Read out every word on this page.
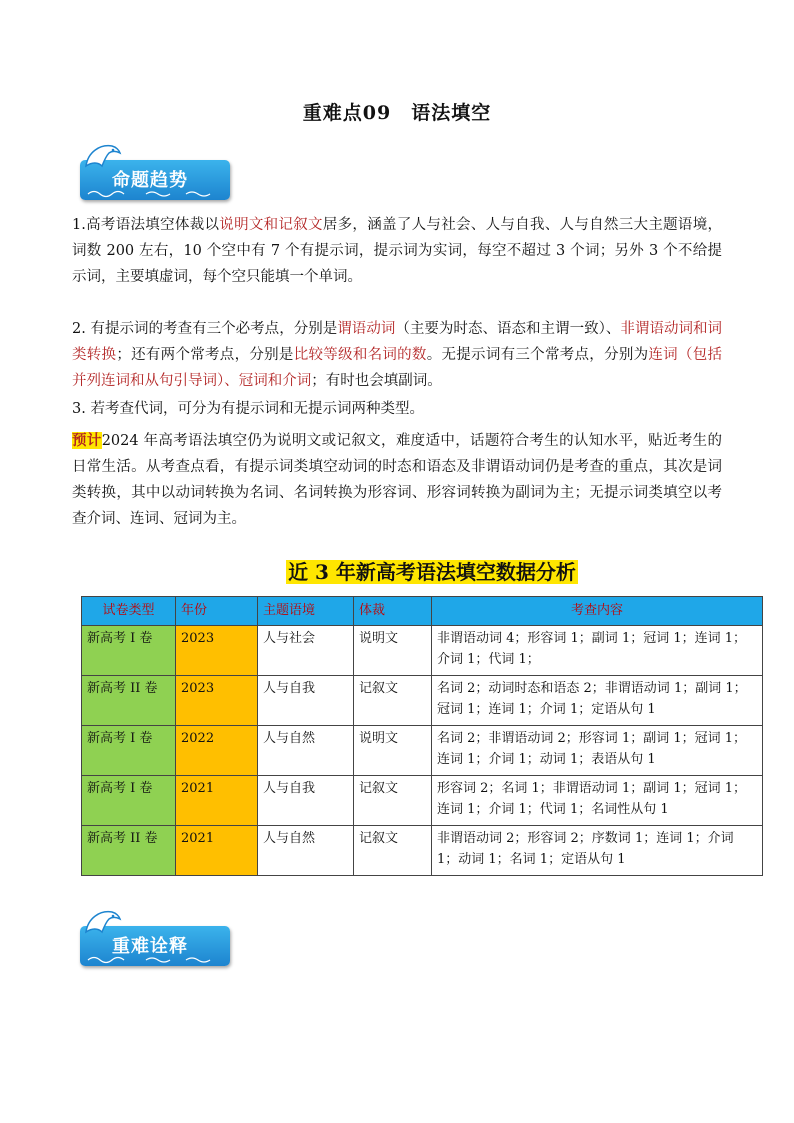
重难点09　语法填空
命题趋势
1.高考语法填空体裁以说明文和记叙文居多，涵盖了人与社会、人与自我、人与自然三大主题语境，词数 200 左右，10 个空中有 7 个有提示词，提示词为实词，每空不超过 3 个词；另外 3 个不给提示词，主要填虚词，每个空只能填一个单词。
2. 有提示词的考查有三个必考点，分别是谓语动词（主要为时态、语态和主谓一致）、非谓语动词和词类转换；还有两个常考点，分别是比较等级和名词的数。无提示词有三个常考点，分别为连词（包括并列连词和从句引导词）、冠词和介词；有时也会填副词。
3. 若考查代词，可分为有提示词和无提示词两种类型。
预计2024 年高考语法填空仍为说明文或记叙文，难度适中，话题符合考生的认知水平，贴近考生的日常生活。从考查点看，有提示词类填空动词的时态和语态及非谓语动词仍是考查的重点，其次是词类转换，其中以动词转换为名词、名词转换为形容词、形容词转换为副词为主；无提示词类填空以考查介词、连词、冠词为主。
近 3 年新高考语法填空数据分析
试卷类型	年份	主题语境	体裁	考查内容
新高考 I 卷	2023	人与社会	说明文	非谓语动词 4；形容词 1；副词 1；冠词 1；连词 1；介词 1；代词 1；
新高考 II 卷	2023	人与自我	记叙文	名词 2；动词时态和语态 2；非谓语动词 1；副词 1；冠词 1；连词 1；介词 1；定语从句 1
新高考 I 卷	2022	人与自然	说明文	名词 2；非谓语动词 2；形容词 1；副词 1；冠词 1；连词 1；介词 1；动词 1；表语从句 1
新高考 I 卷	2021	人与自我	记叙文	形容词 2；名词 1；非谓语动词 1；副词 1；冠词 1；连词 1；介词 1；代词 1；名词性从句 1
新高考 II 卷	2021	人与自然	记叙文	非谓语动词 2；形容词 2；序数词 1；连词 1；介词 1；动词 1；名词 1；定语从句 1
重难诠释
